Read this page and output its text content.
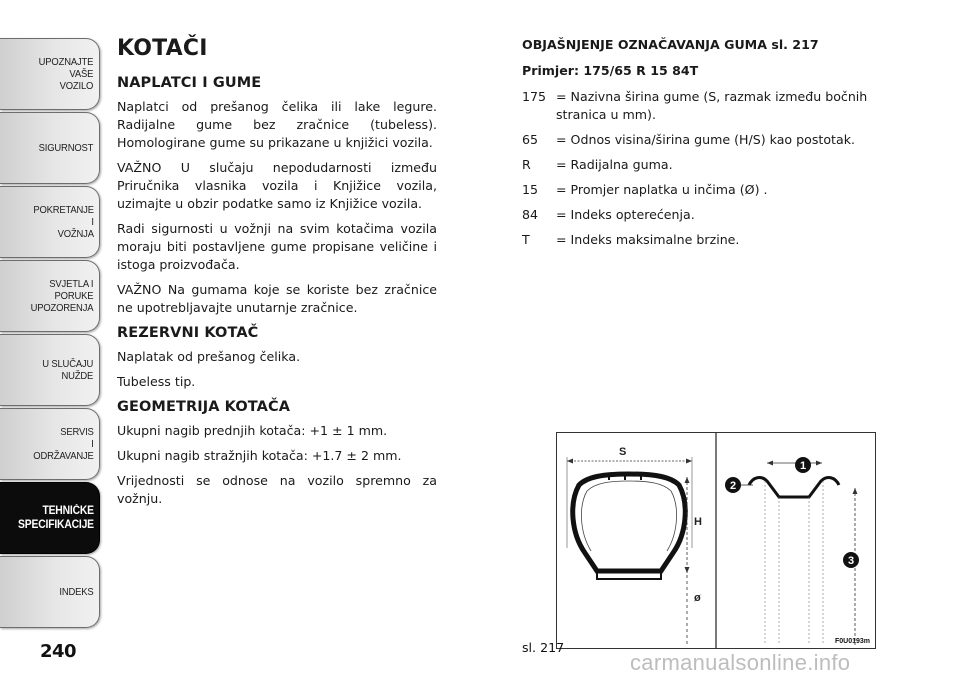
UPOZNAJTE
VAŠE
VOZILO
SIGURNOST
POKRETANJE
I
VOŽNJA
SVJETLA I
PORUKE
UPOZORENJA
U SLUČAJU
NUŽDE
SERVIS
I
ODRŽAVANJE
TEHNIČKE
SPECIFIKACIJE
INDEKS
240
KOTAČI
NAPLATCI I GUME

Naplatci od prešanog čelika ili lake legure. Radijalne gume bez zračnice (tubeless). Homologirane gume su prikazane u knjižici vozila.

VAŽNO U slučaju nepodudarnosti između Priručnika vlasnika vozila i Knjižice vozila, uzimajte u obzir podatke samo iz Knjižice vozila.

Radi sigurnosti u vožnji na svim kotačima vozila moraju biti postavljene gume propisane veličine i istoga proizvođača.

VAŽNO Na gumama koje se koriste bez zračnice ne upotrebljavajte unutarnje zračnice.

REZERVNI KOTAČ

Naplatak od prešanog čelika.

Tubeless tip.

GEOMETRIJA KOTAČA

Ukupni nagib prednjih kotača: +1 ± 1 mm.

Ukupni nagib stražnjih kotača: +1.7 ± 2 mm.

Vrijednosti se odnose na vozilo spremno za vožnju.

OBJAŠNJENJE OZNAČAVANJA GUMA sl. 217
Primjer: 175/65 R 15 84T
175 = Nazivna širina gume (S, razmak između bočnih stranica u mm).
65	= Odnos visina/širina gume (H/S) kao postotak.
R	= Radijalna guma.
15	= Promjer naplatka u inčima (Ø) .
84	= Indeks opterećenja.
T	= Indeks maksimalne brzine.
S
H
ø
1
2
3
F0U0193m
sl. 217
carmanualsonline.info
